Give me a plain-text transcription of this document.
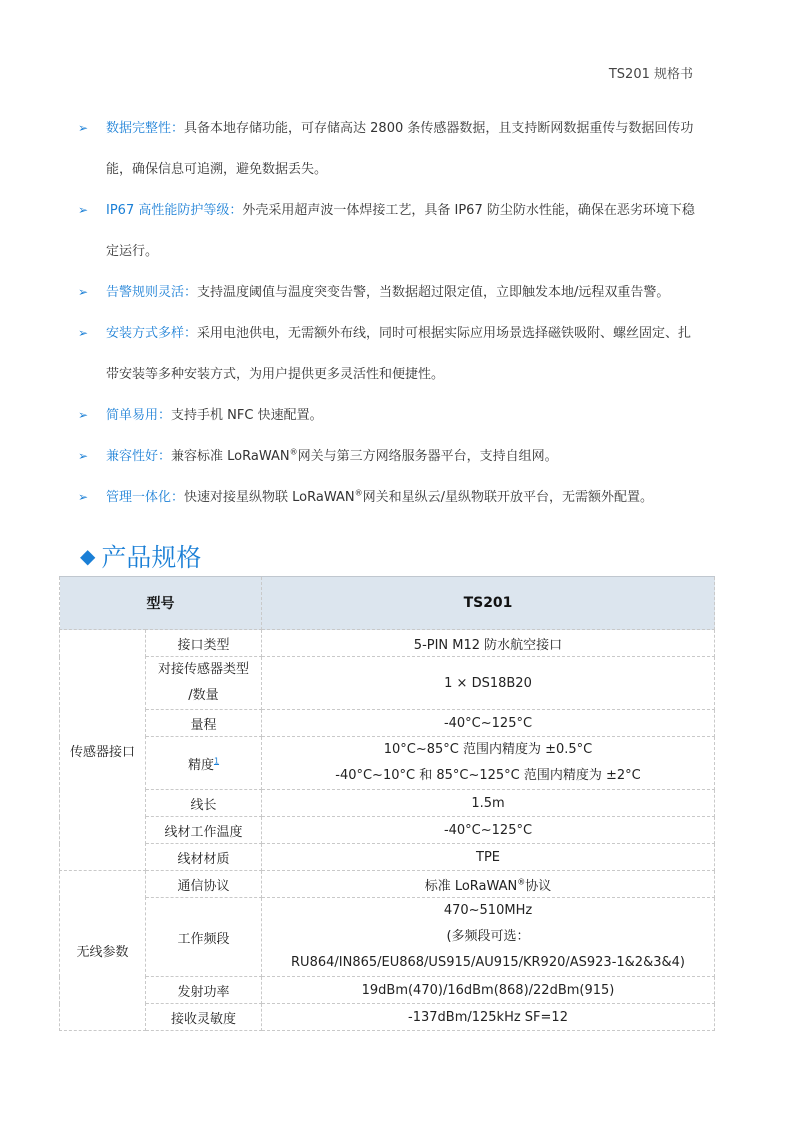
TS201 规格书
➢ 数据完整性：具备本地存储功能，可存储高达 2800 条传感器数据，且支持断网数据重传与数据回传功能，确保信息可追溯，避免数据丢失。
➢ IP67 高性能防护等级：外壳采用超声波一体焊接工艺，具备 IP67 防尘防水性能，确保在恶劣环境下稳定运行。
➢ 告警规则灵活：支持温度阈值与温度突变告警，当数据超过限定值，立即触发本地/远程双重告警。
➢ 安装方式多样：采用电池供电，无需额外布线，同时可根据实际应用场景选择磁铁吸附、螺丝固定、扎带安装等多种安装方式，为用户提供更多灵活性和便捷性。
➢ 简单易用：支持手机 NFC 快速配置。
➢ 兼容性好：兼容标准 LoRaWAN®网关与第三方网络服务器平台，支持自组网。
➢ 管理一体化：快速对接星纵物联 LoRaWAN®网关和星纵云/星纵物联开放平台，无需额外配置。
◆ 产品规格
型号		TS201
传感器接口	接口类型	5-PIN M12 防水航空接口

	对接传感器类型
/数量	1 × DS18B20
	量程	-40°C~125°C
	精度$^1$	10°C~85°C 范围内精度为 ±0.5°C
-40°C~10°C 和 85°C~125°C 范围内精度为 ±2°C

	线长	1.5m
	线材工作温度	-40°C~125°C
	线材材质	TPE
无线参数	通信协议	标准 LoRaWAN®协议
	工作频段	470~510MHz
(多频段可选：
RU864/IN865/EU868/US915/AU915/KR920/AS923-1&2&3&4)

	发射功率	19dBm(470)/16dBm(868)/22dBm(915)
	接收灵敏度	-137dBm/125kHz SF=12
